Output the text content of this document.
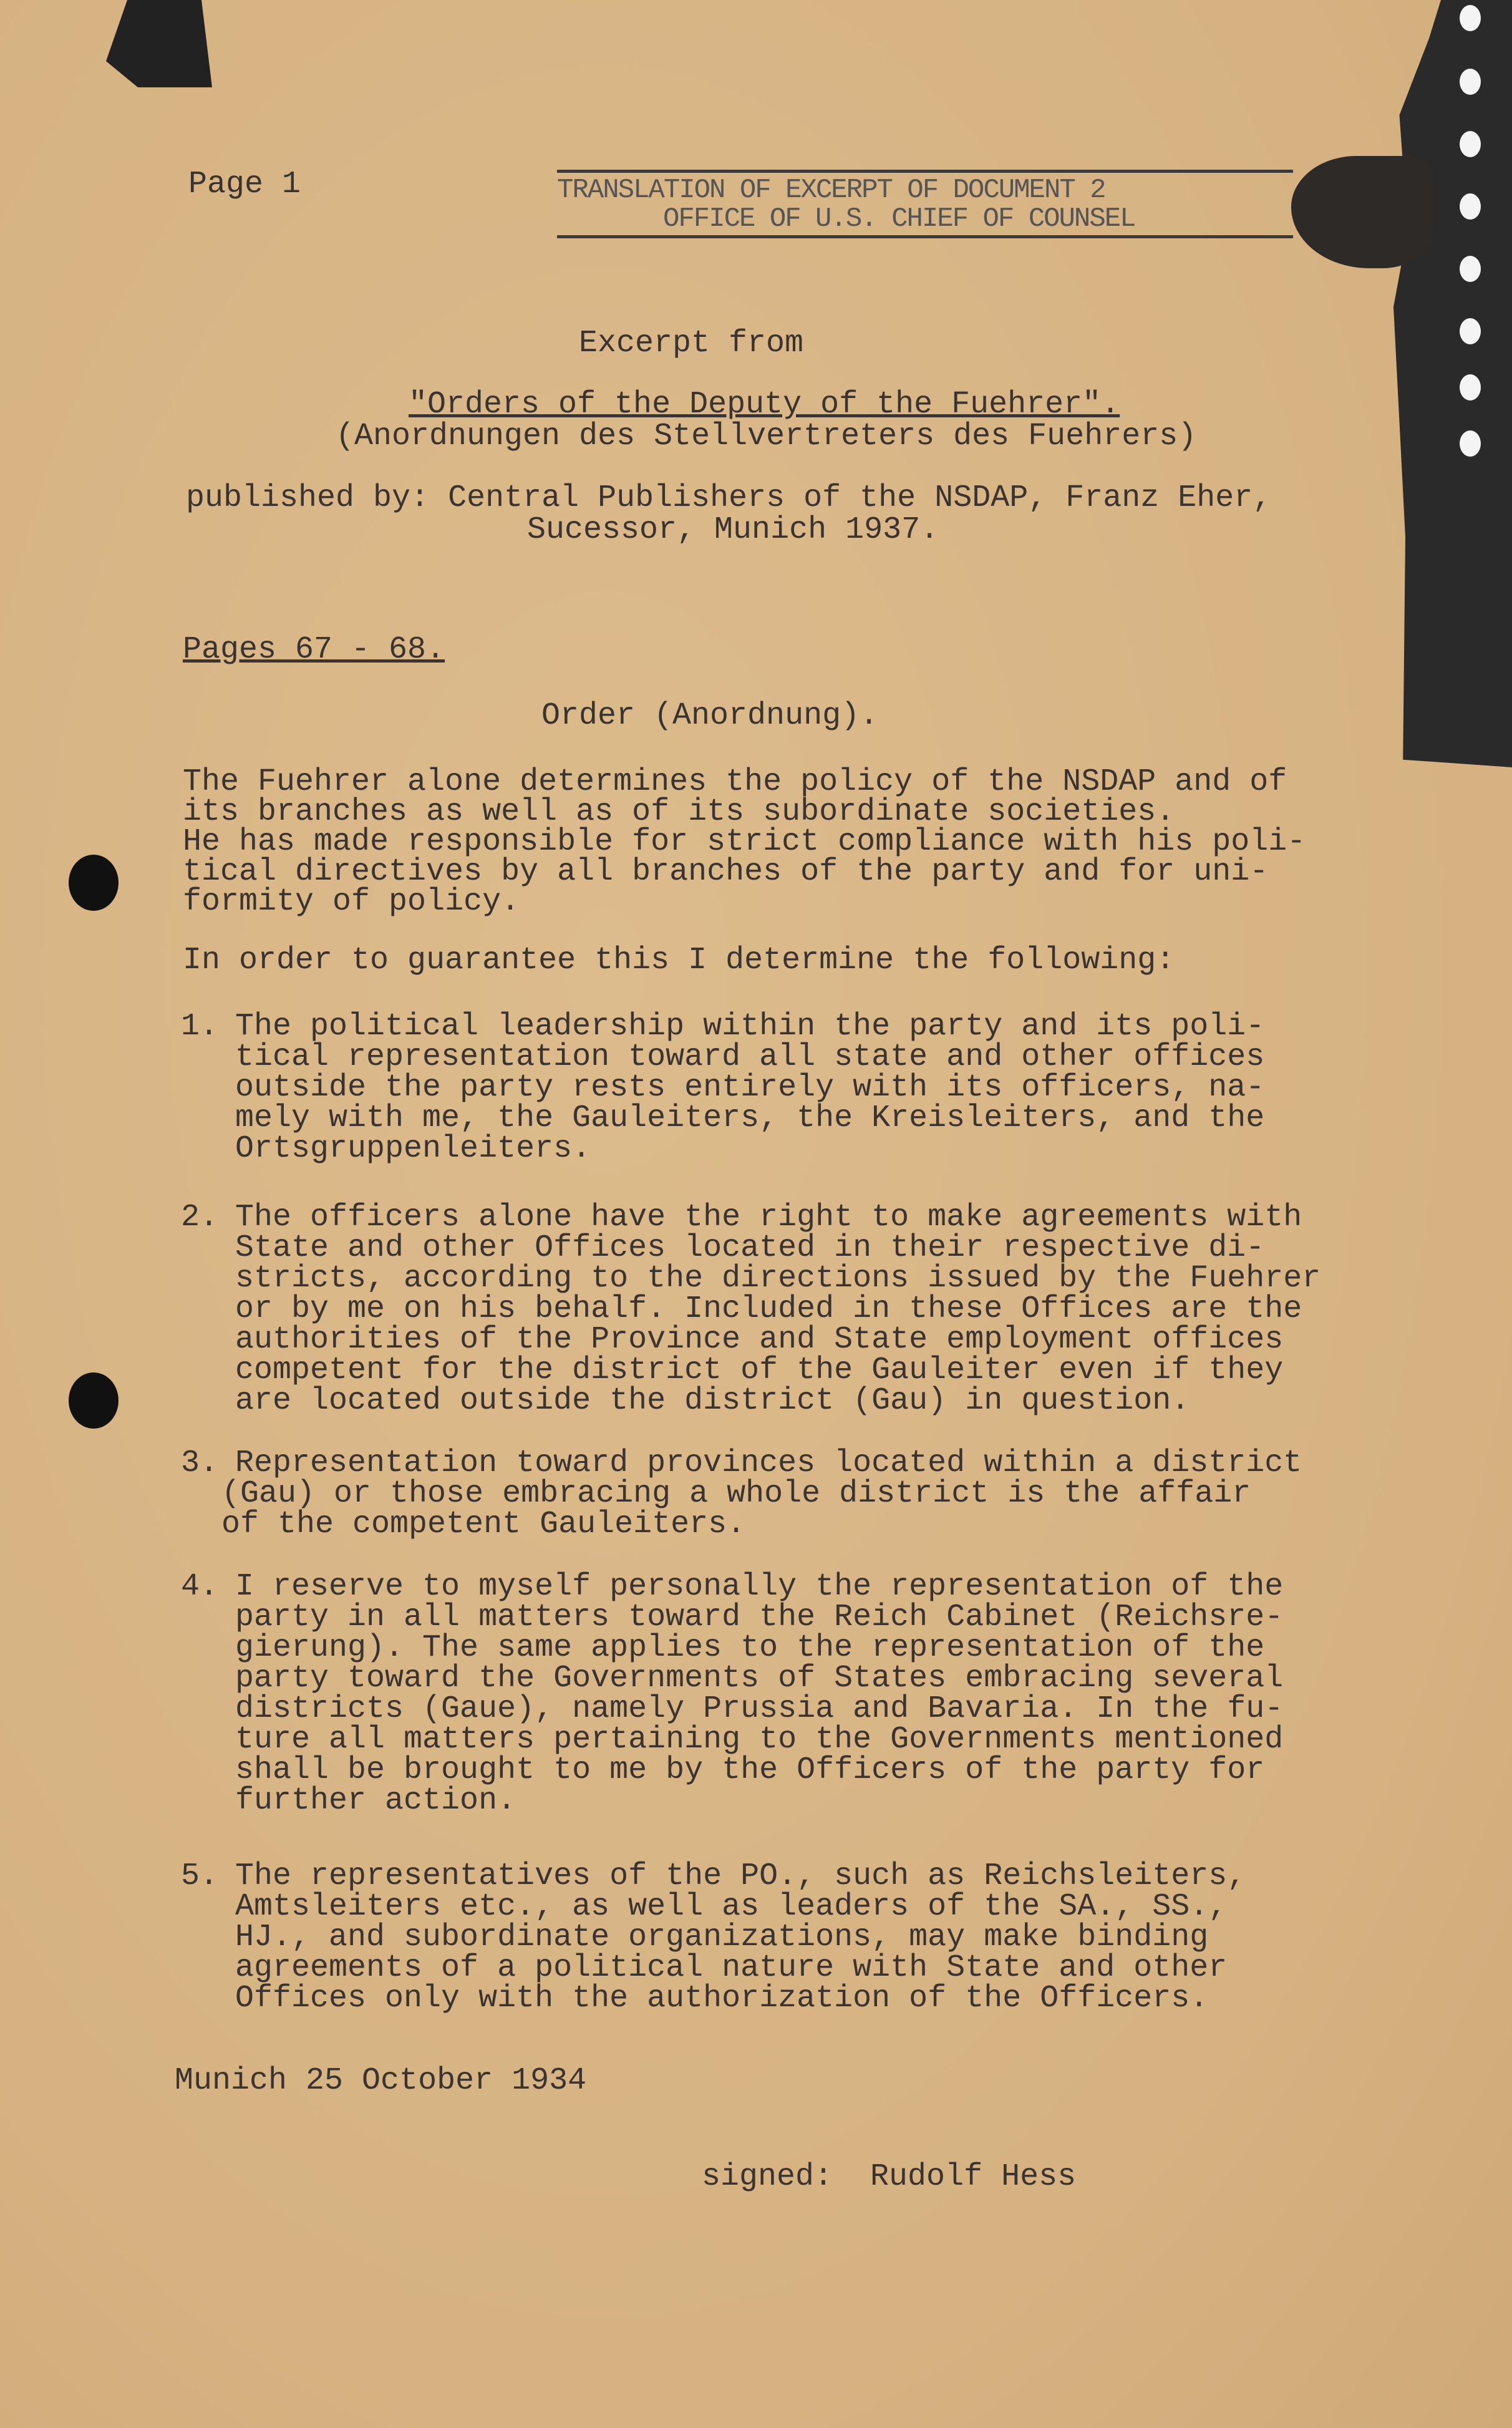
Page 1	TRANSLATION OF EXCERPT OF DOCUMENT 2
OFFICE OF U.S. CHIEF OF COUNSEL
Excerpt from
"Orders of the Deputy of the Fuehrer".
(Anordnungen des Stellvertreters des Fuehrers)
published by: Central Publishers of the NSDAP, Franz Eher,
Sucessor, Munich 1937.
Pages 67 - 68.
Order (Anordnung).
The Fuehrer alone determines the policy of the NSDAP and of
its branches as well as of its subordinate societies.
He has made responsible for strict compliance with his poli-
tical directives by all branches of the party and for uni-
formity of policy.
In order to guarantee this I determine the following:
1. The political leadership within the party and its poli-
tical representation toward all state and other offices
outside the party rests entirely with its officers, na-
mely with me, the Gauleiters, the Kreisleiters, and the
Ortsgruppenleiters.
2. The officers alone have the right to make agreements with
State and other Offices located in their respective di-
stricts, according to the directions issued by the Fuehrer
or by me on his behalf. Included in these Offices are the
authorities of the Province and State employment offices
competent for the district of the Gauleiter even if they
are located outside the district (Gau) in question.
3. Representation toward provinces located within a district
(Gau) or those embracing a whole district is the affair
of the competent Gauleiters.
4. I reserve to myself personally the representation of the
party in all matters toward the Reich Cabinet (Reichsre-
gierung). The same applies to the representation of the
party toward the Governments of States embracing several
districts (Gaue), namely Prussia and Bavaria. In the fu-
ture all matters pertaining to the Governments mentioned
shall be brought to me by the Officers of the party for
further action.
5. The representatives of the PO., such as Reichsleiters,
Amtsleiters etc., as well as leaders of the SA., SS.,
HJ., and subordinate organizations, may make binding
agreements of a political nature with State and other
Offices only with the authorization of the Officers.
Munich 25 October 1934
signed:  Rudolf Hess
